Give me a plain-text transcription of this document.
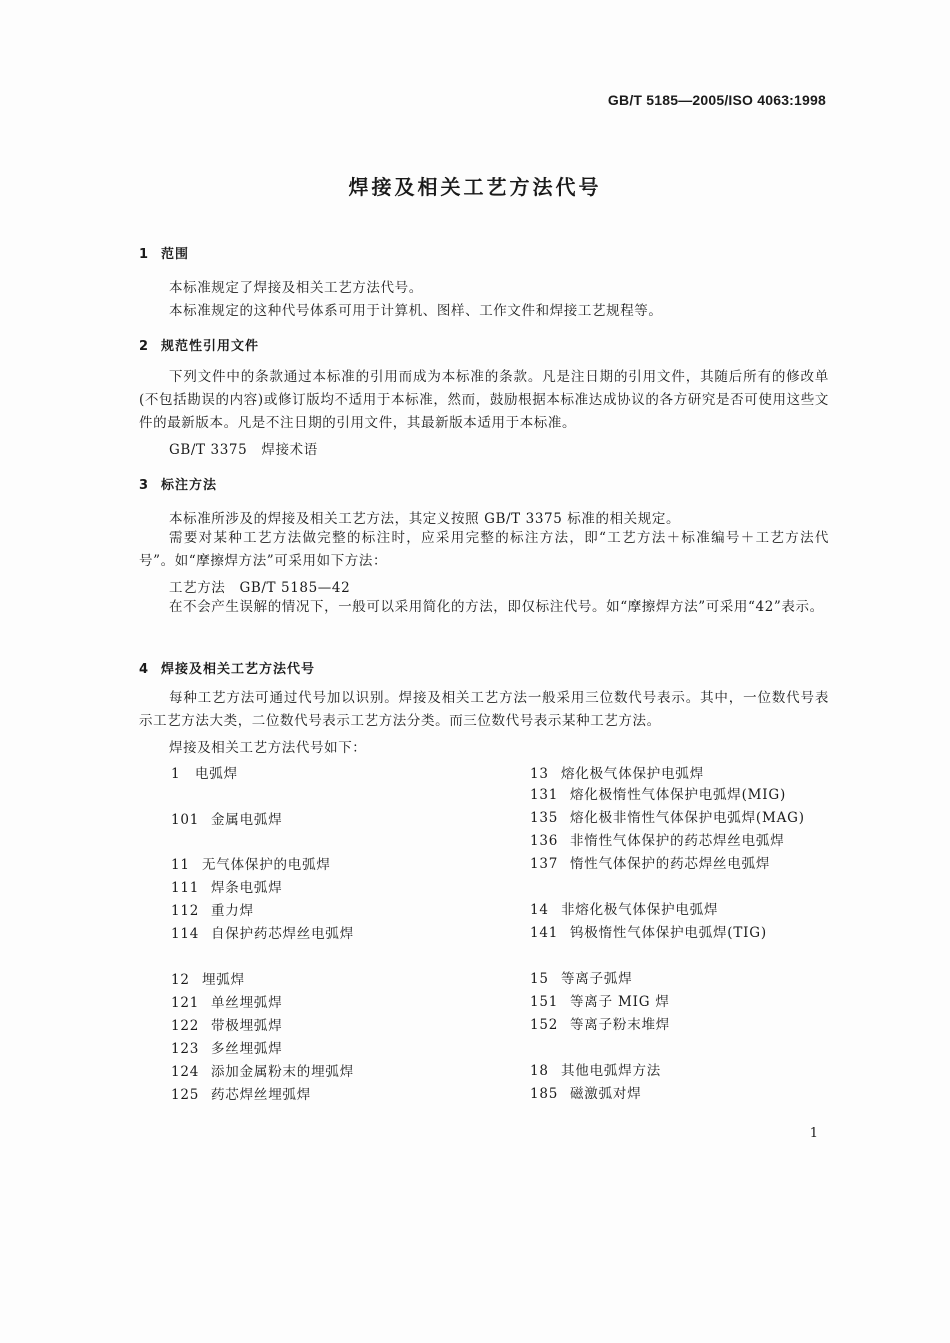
GB/T 5185—2005/ISO 4063:1998
焊接及相关工艺方法代号
1 范围
本标准规定了焊接及相关工艺方法代号。
本标准规定的这种代号体系可用于计算机、图样、工作文件和焊接工艺规程等。
2 规范性引用文件
下列文件中的条款通过本标准的引用而成为本标准的条款。凡是注日期的引用文件，其随后所有的修改单(不包括勘误的内容)或修订版均不适用于本标准，然而，鼓励根据本标准达成协议的各方研究是否可使用这些文件的最新版本。凡是不注日期的引用文件，其最新版本适用于本标准。
GB/T 3375　焊接术语
3 标注方法
本标准所涉及的焊接及相关工艺方法，其定义按照 GB/T 3375 标准的相关规定。
需要对某种工艺方法做完整的标注时，应采用完整的标注方法，即“工艺方法＋标准编号＋工艺方法代号”。如“摩擦焊方法”可采用如下方法：
工艺方法　GB/T 5185—42
在不会产生误解的情况下，一般可以采用简化的方法，即仅标注代号。如“摩擦焊方法”可采用“42”表示。
4 焊接及相关工艺方法代号
每种工艺方法可通过代号加以识别。焊接及相关工艺方法一般采用三位数代号表示。其中，一位数代号表示工艺方法大类，二位数代号表示工艺方法分类。而三位数代号表示某种工艺方法。
焊接及相关工艺方法代号如下：
1 电弧焊
101 金属电弧焊
11 无气体保护的电弧焊
111 焊条电弧焊
112 重力焊
114 自保护药芯焊丝电弧焊
12 埋弧焊
121 单丝埋弧焊
122 带极埋弧焊
123 多丝埋弧焊
124 添加金属粉末的埋弧焊
125 药芯焊丝埋弧焊
13 熔化极气体保护电弧焊
131 熔化极惰性气体保护电弧焊(MIG)
135 熔化极非惰性气体保护电弧焊(MAG)
136 非惰性气体保护的药芯焊丝电弧焊
137 惰性气体保护的药芯焊丝电弧焊
14 非熔化极气体保护电弧焊
141 钨极惰性气体保护电弧焊(TIG)
15 等离子弧焊
151 等离子 MIG 焊
152 等离子粉末堆焊
18 其他电弧焊方法
185 磁激弧对焊
1
